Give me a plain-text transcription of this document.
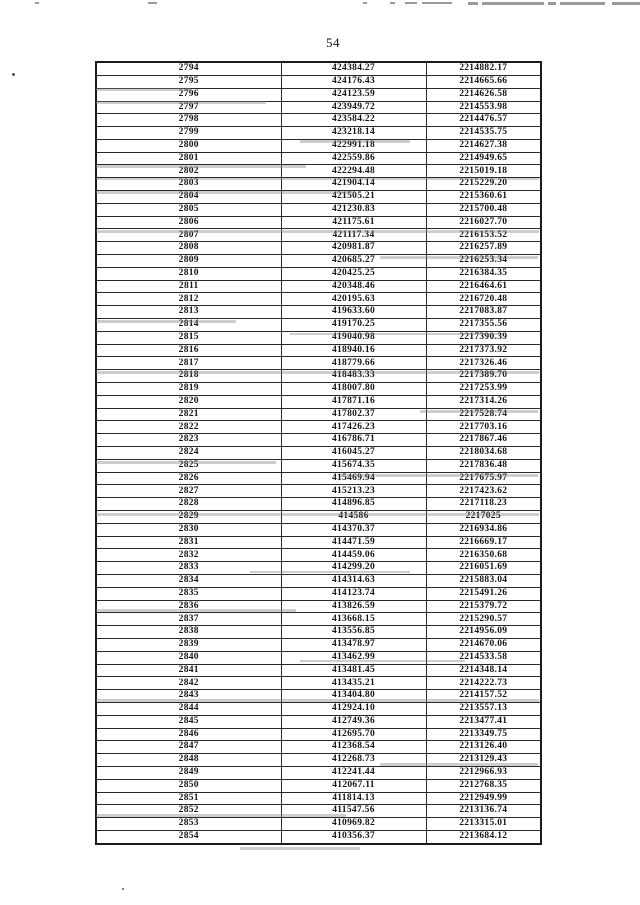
54
2794	424384.27	2214882.17
2795	424176.43	2214665.66
2796	424123.59	2214626.58
2797	423949.72	2214553.98
2798	423584.22	2214476.57
2799	423218.14	2214535.75
2800	422991.18	2214627.38
2801	422559.86	2214949.65
2802	422294.48	2215019.18
2803	421904.14	2215229.20
2804	421505.21	2215360.61
2805	421230.83	2215700.48
2806	421175.61	2216027.70
2807	421117.34	2216153.52
2808	420981.87	2216257.89
2809	420685.27	2216253.34
2810	420425.25	2216384.35
2811	420348.46	2216464.61
2812	420195.63	2216720.48
2813	419633.60	2217083.87
2814	419170.25	2217355.56
2815	419040.98	2217390.39
2816	418940.16	2217373.92
2817	418779.66	2217326.46
2818	418483.33	2217389.70
2819	418007.80	2217253.99
2820	417871.16	2217314.26
2821	417802.37	2217528.74
2822	417426.23	2217703.16
2823	416786.71	2217867.46
2824	416045.27	2218034.68
2825	415674.35	2217836.48
2826	415469.94	2217675.97
2827	415213.23	2217423.62
2828	414896.85	2217118.23
2829	414586	2217025
2830	414370.37	2216934.86
2831	414471.59	2216669.17
2832	414459.06	2216350.68
2833	414299.20	2216051.69
2834	414314.63	2215883.04
2835	414123.74	2215491.26
2836	413826.59	2215379.72
2837	413668.15	2215290.57
2838	413556.85	2214956.09
2839	413478.97	2214670.06
2840	413462.99	2214533.58
2841	413481.45	2214348.14
2842	413435.21	2214222.73
2843	413404.80	2214157.52
2844	412924.10	2213557.13
2845	412749.36	2213477.41
2846	412695.70	2213349.75
2847	412368.54	2213126.40
2848	412268.73	2213129.43
2849	412241.44	2212966.93
2850	412067.11	2212768.35
2851	411814.13	2212949.99
2852	411547.56	2213136.74
2853	410969.82	2213315.01
2854	410356.37	2213684.12
